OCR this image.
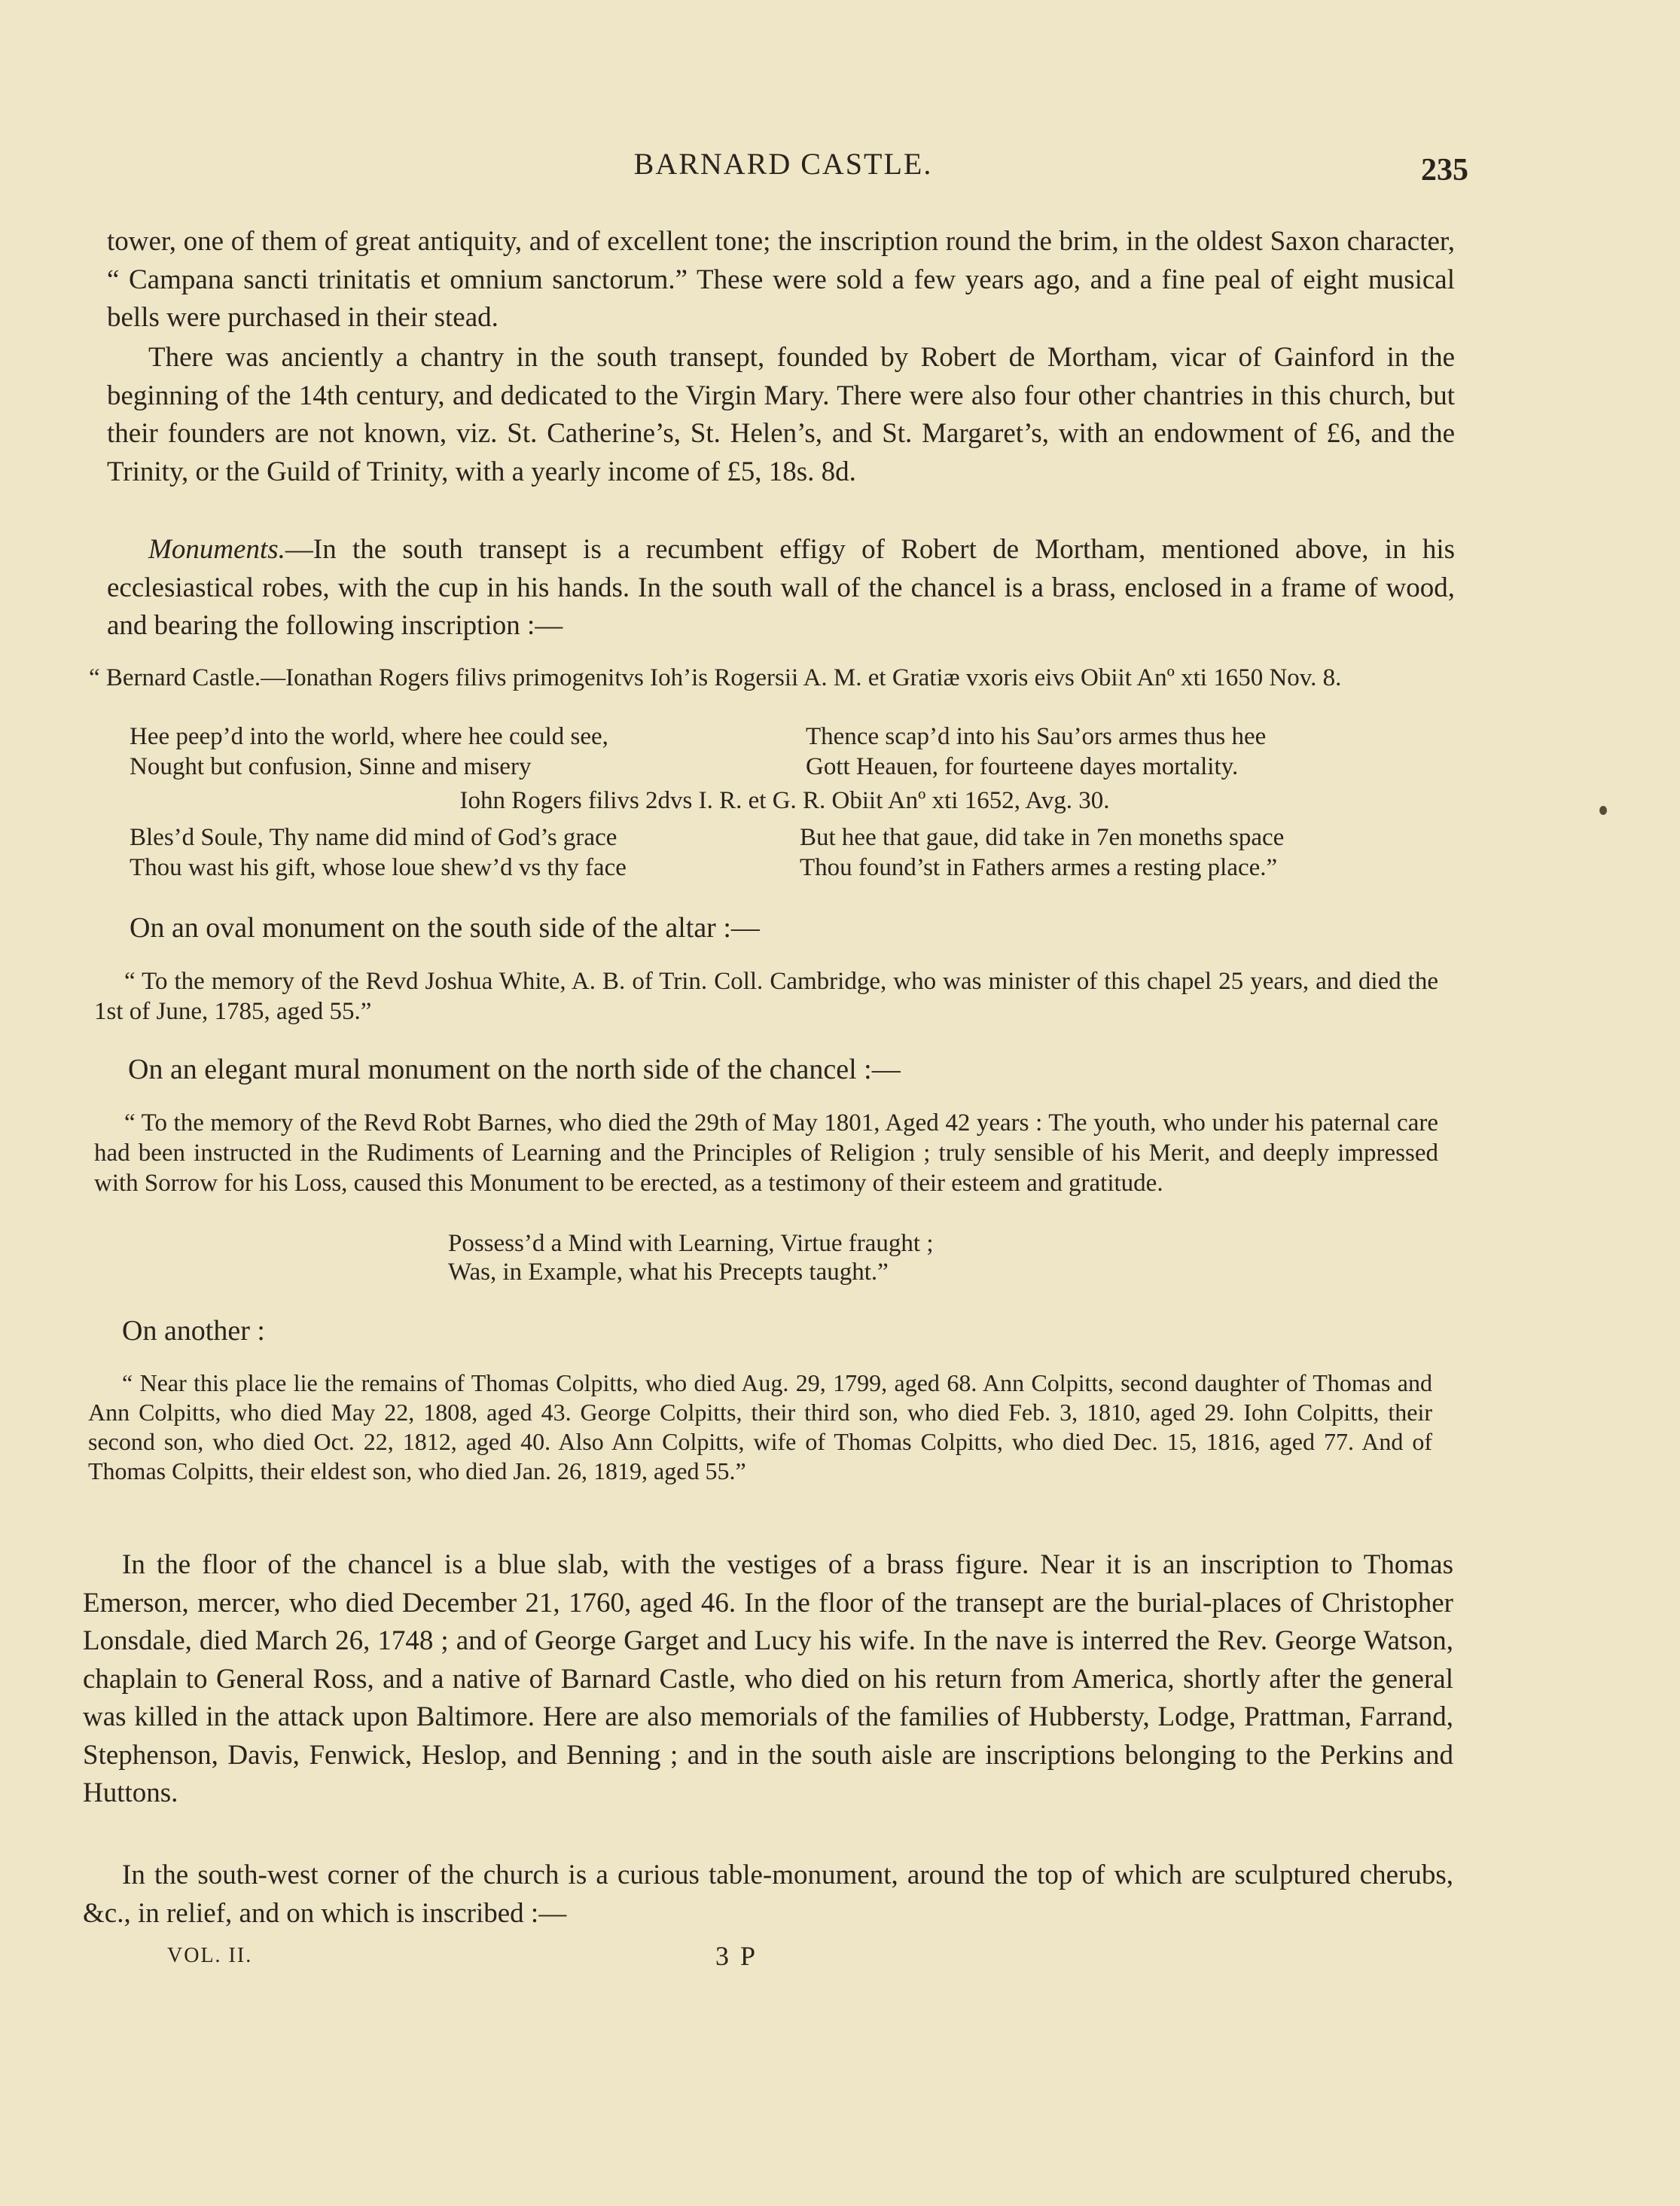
BARNARD CASTLE.	235
tower, one of them of great antiquity, and of excellent tone; the inscription round the brim, in the oldest Saxon character, “ Campana sancti trinitatis et omnium sanctorum.” These were sold a few years ago, and a fine peal of eight musical bells were purchased in their stead.
There was anciently a chantry in the south transept, founded by Robert de Mortham, vicar of Gainford in the beginning of the 14th century, and dedicated to the Virgin Mary. There were also four other chantries in this church, but their founders are not known, viz. St. Catherine’s, St. Helen’s, and St. Margaret’s, with an endowment of £6, and the Trinity, or the Guild of Trinity, with a yearly income of £5, 18s. 8d.
Monuments.—In the south transept is a recumbent effigy of Robert de Mortham, mentioned above, in his ecclesiastical robes, with the cup in his hands. In the south wall of the chancel is a brass, enclosed in a frame of wood, and bearing the following inscription :—
“ Bernard Castle.—Ionathan Rogers filivs primogenitvs Ioh’is Rogersii A. M. et Gratiæ vxoris eivs Obiit Anº xti 1650 Nov. 8.
Hee peep’d into the world, where hee could see,
Nought but confusion, Sinne and misery
Thence scap’d into his Sau’ors armes thus hee
Gott Heauen, for fourteene dayes mortality.
Iohn Rogers filivs 2dvs I. R. et G. R. Obiit Anº xti 1652, Avg. 30.
Bles’d Soule, Thy name did mind of God’s grace
Thou wast his gift, whose loue shew’d vs thy face
But hee that gaue, did take in 7en moneths space
Thou found’st in Fathers armes a resting place.”
On an oval monument on the south side of the altar :—
“ To the memory of the Revd Joshua White, A. B. of Trin. Coll. Cambridge, who was minister of this chapel 25 years, and died the 1st of June, 1785, aged 55.”
On an elegant mural monument on the north side of the chancel :—
“ To the memory of the Revd Robt Barnes, who died the 29th of May 1801, Aged 42 years : The youth, who under his paternal care had been instructed in the Rudiments of Learning and the Principles of Religion ; truly sensible of his Merit, and deeply impressed with Sorrow for his Loss, caused this Monument to be erected, as a testimony of their esteem and gratitude.
Possess’d a Mind with Learning, Virtue fraught ;
Was, in Example, what his Precepts taught.”
On another :
“ Near this place lie the remains of Thomas Colpitts, who died Aug. 29, 1799, aged 68. Ann Colpitts, second daughter of Thomas and Ann Colpitts, who died May 22, 1808, aged 43. George Colpitts, their third son, who died Feb. 3, 1810, aged 29. Iohn Colpitts, their second son, who died Oct. 22, 1812, aged 40. Also Ann Colpitts, wife of Thomas Colpitts, who died Dec. 15, 1816, aged 77. And of Thomas Colpitts, their eldest son, who died Jan. 26, 1819, aged 55.”
In the floor of the chancel is a blue slab, with the vestiges of a brass figure. Near it is an inscription to Thomas Emerson, mercer, who died December 21, 1760, aged 46. In the floor of the transept are the burial-places of Christopher Lonsdale, died March 26, 1748 ; and of George Garget and Lucy his wife. In the nave is interred the Rev. George Watson, chaplain to General Ross, and a native of Barnard Castle, who died on his return from America, shortly after the general was killed in the attack upon Baltimore. Here are also memorials of the families of Hubbersty, Lodge, Prattman, Farrand, Stephenson, Davis, Fenwick, Heslop, and Benning ; and in the south aisle are inscriptions belonging to the Perkins and Huttons.
In the south-west corner of the church is a curious table-monument, around the top of which are sculptured cherubs, &c., in relief, and on which is inscribed :—
VOL. II.	3 P
